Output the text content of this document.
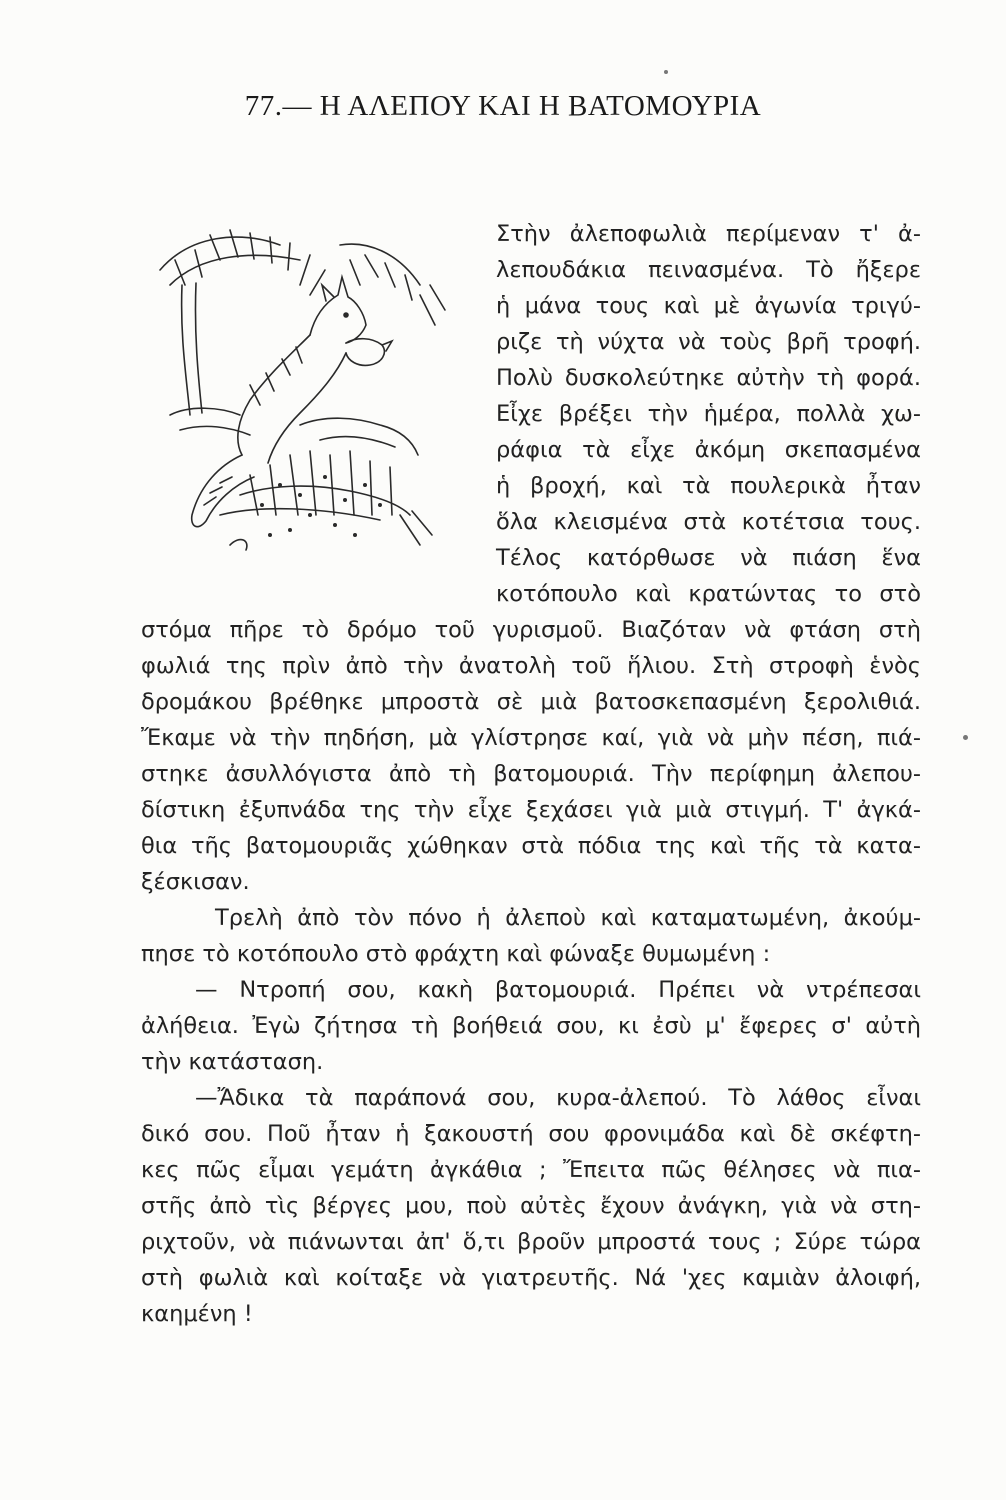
77.— Η ΑΛΕΠΟΥ ΚΑΙ Η ΒΑΤΟΜΟΥΡΙΑ
Στὴν ἀλεποφωλιὰ περίμεναν τ' ἀ-
λεπουδάκια πεινασμένα. Τὸ ἤξερε
ἡ μάνα τους καὶ μὲ ἀγωνία τριγύ-
ριζε τὴ νύχτα νὰ τοὺς βρῆ τροφή.
Πολὺ δυσκολεύτηκε αὐτὴν τὴ φορά.
Εἶχε βρέξει τὴν ἡμέρα, πολλὰ χω-
ράφια τὰ εἶχε ἀκόμη σκεπασμένα
ἡ βροχή, καὶ τὰ πουλερικὰ ἦταν
ὅλα κλεισμένα στὰ κοτέτσια τους.
Τέλος κατόρθωσε νὰ πιάση ἕνα
κοτόπουλο καὶ κρατώντας το στὸ
στόμα πῆρε τὸ δρόμο τοῦ γυρισμοῦ. Βιαζόταν νὰ φτάση στὴ
φωλιά της πρὶν ἀπὸ τὴν ἀνατολὴ τοῦ ἥλιου. Στὴ στροφὴ ἑνὸς
δρομάκου βρέθηκε μπροστὰ σὲ μιὰ βατοσκεπασμένη ξερολιθιά.
Ἔκαμε νὰ τὴν πηδήση, μὰ γλίστρησε καί, γιὰ νὰ μὴν πέση, πιά-
στηκε ἀσυλλόγιστα ἀπὸ τὴ βατομουριά. Τὴν περίφημη ἀλεπου-
δίστικη ἐξυπνάδα της τὴν εἶχε ξεχάσει γιὰ μιὰ στιγμή. Τ' ἀγκά-
θια τῆς βατομουριᾶς χώθηκαν στὰ πόδια της καὶ τῆς τὰ κατα-
ξέσκισαν.
Τρελὴ ἀπὸ τὸν πόνο ἡ ἀλεποὺ καὶ καταματωμένη, ἀκούμ-
πησε τὸ κοτόπουλο στὸ φράχτη καὶ φώναξε θυμωμένη :
— Ντροπή σου, κακὴ βατομουριά. Πρέπει νὰ ντρέπεσαι
ἀλήθεια. Ἐγὼ ζήτησα τὴ βοήθειά σου, κι ἐσὺ μ' ἔφερες σ' αὐτὴ
τὴν κατάσταση.
—Ἄδικα τὰ παράπονά σου, κυρα-ἀλεπού. Τὸ λάθος εἶναι
δικό σου. Ποῦ ἦταν ἡ ξακουστή σου φρονιμάδα καὶ δὲ σκέφτη-
κες πῶς εἶμαι γεμάτη ἀγκάθια ; Ἔπειτα πῶς θέλησες νὰ πια-
στῆς ἀπὸ τὶς βέργες μου, ποὺ αὐτὲς ἔχουν ἀνάγκη, γιὰ νὰ στη-
ριχτοῦν, νὰ πιάνωνται ἀπ' ὅ,τι βροῦν μπροστά τους ; Σύρε τώρα
στὴ φωλιὰ καὶ κοίταξε νὰ γιατρευτῆς. Νά 'χες καμιὰν ἀλοιφή,
καημένη !
